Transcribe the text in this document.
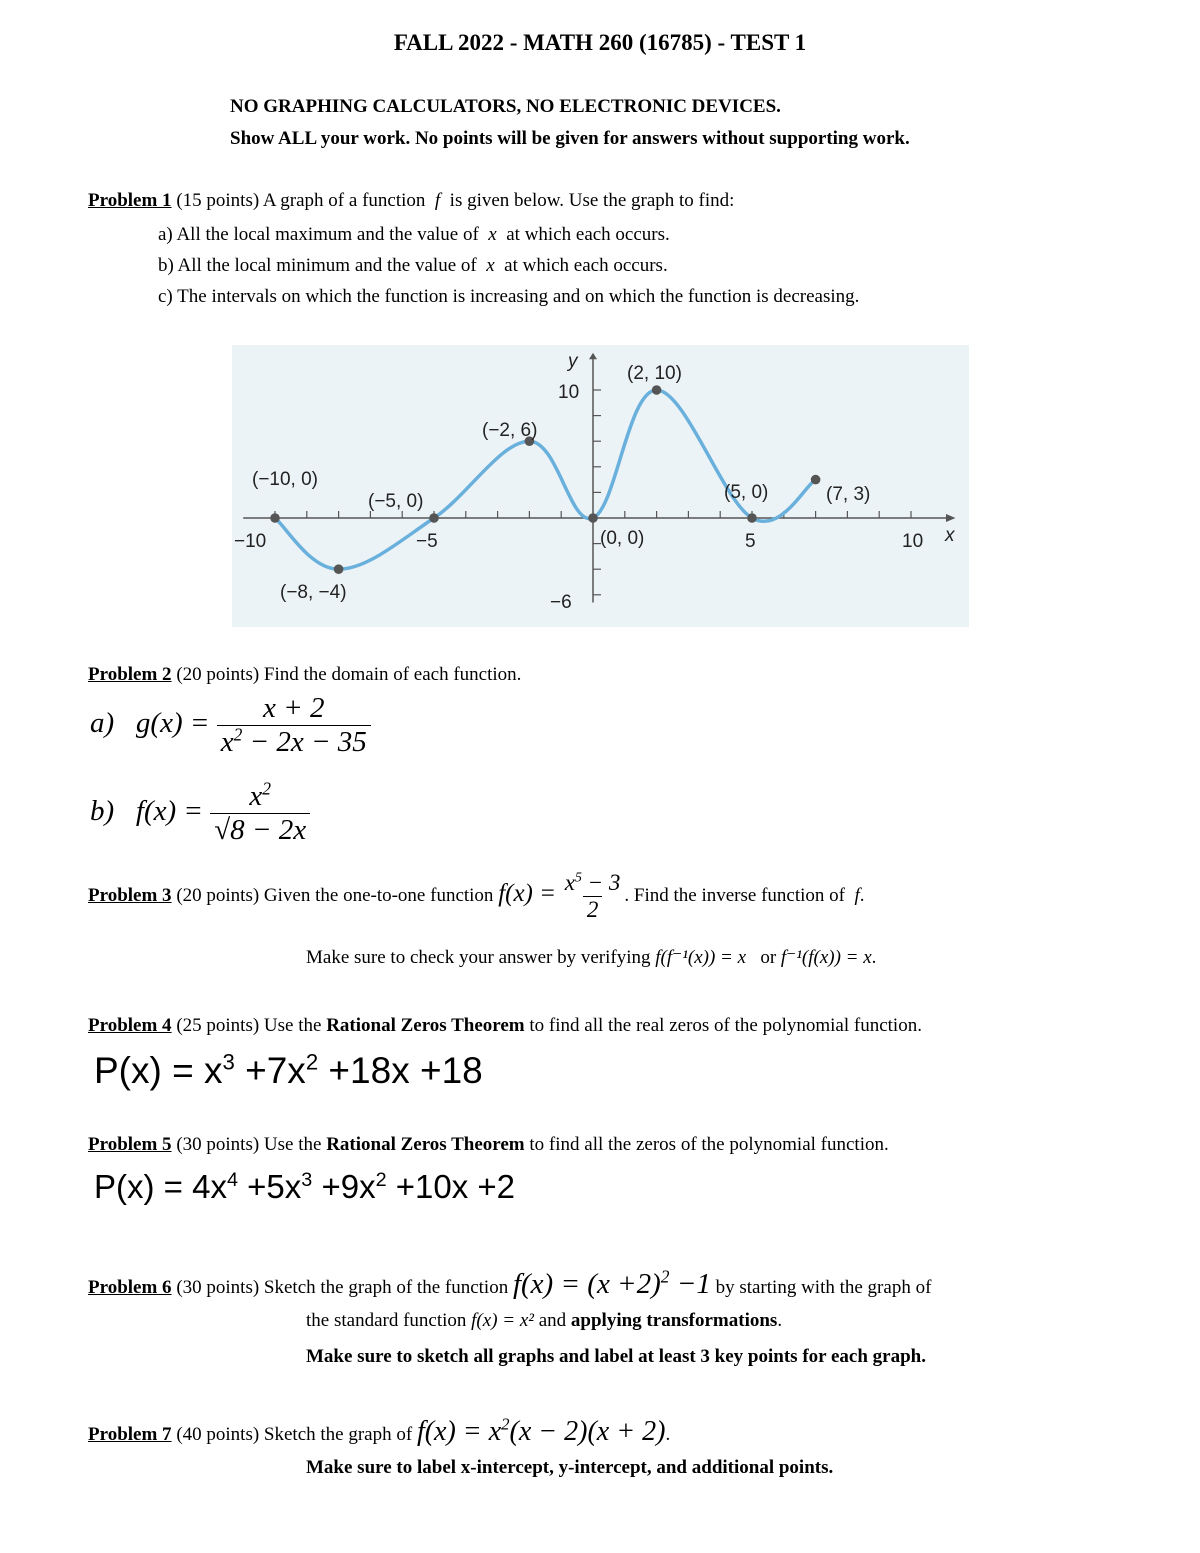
FALL 2022 - MATH 260 (16785) - TEST 1
NO GRAPHING CALCULATORS, NO ELECTRONIC DEVICES.
Show ALL your work. No points will be given for answers without supporting work.
Problem 1 (15 points) A graph of a function f is given below. Use the graph to find:
a) All the local maximum and the value of x at which each occurs.
b) All the local minimum and the value of x at which each occurs.
c) The intervals on which the function is increasing and on which the function is decreasing.
y
x
−10	−5	5	10
10
−6
(−10, 0)
(−8, −4)
(−5, 0)
(−2, 6)
(0, 0)
(2, 10)
(5, 0)	(7, 3)
Problem 2 (20 points) Find the domain of each function.
a) $g(x) = \frac{x + 2}{x^2 - 2x - 35}$
b) $f(x) = \frac{x^2}{√8 - 2x}$
Problem 3 (20 points) Given the one-to-one function $f(x) = \frac{x^5 - 3}{2}$ . Find the inverse function of f.
Make sure to check your answer by verifying f(f⁻¹(x)) = x or f⁻¹(f(x)) = x.
Problem 4 (25 points) Use the Rational Zeros Theorem to find all the real zeros of the polynomial function.
$P(x) = x^3 +7x^2 +18x +18$
Problem 5 (30 points) Use the Rational Zeros Theorem to find all the zeros of the polynomial function.
$P(x) = 4x^4 +5x^3 +9x^2 +10x +2$
Problem 6 (30 points) Sketch the graph of the function $f(x) = (x +2)^2 -1$ by starting with the graph of
the standard function f(x) = x² and applying transformations.
Make sure to sketch all graphs and label at least 3 key points for each graph.
Problem 7 (40 points) Sketch the graph of $f(x) = x^2(x - 2)(x + 2)$.
Make sure to label x-intercept, y-intercept, and additional points.
